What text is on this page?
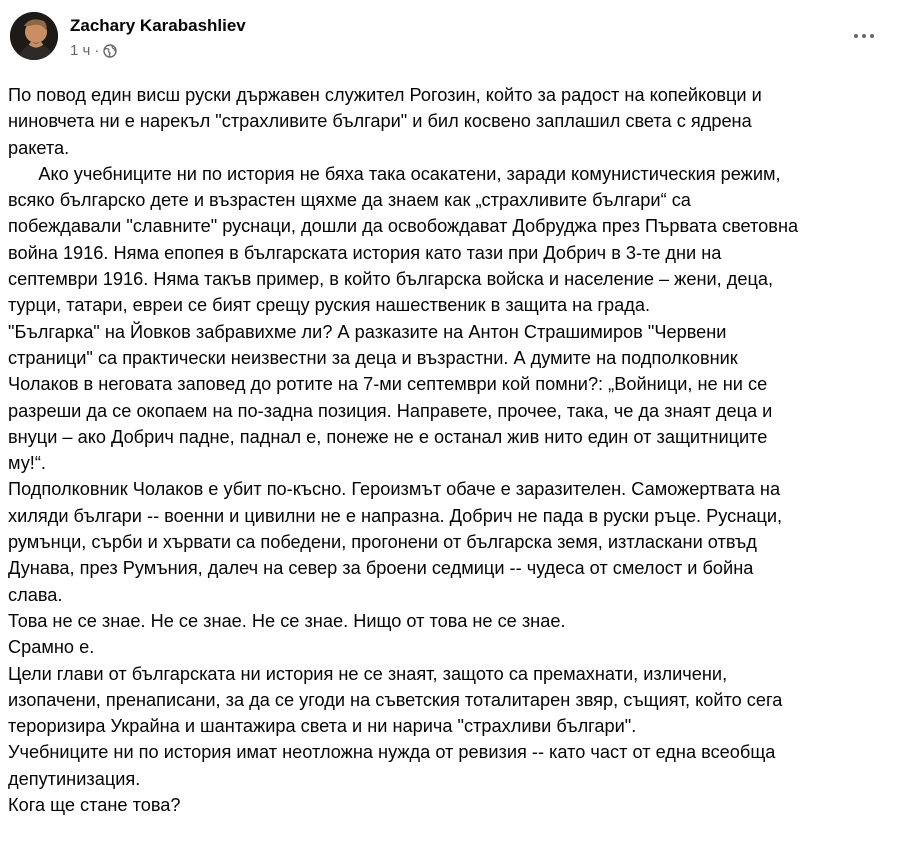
Zachary Karabashliev
1 ч ·

По повод един висш руски държавен служител Рогозин, който за радост на копейковци и
ниновчета ни е нарекъл "страхливите българи" и бил косвено заплашил света с ядрена
ракета.

Ако учебниците ни по история не бяха така осакатени, заради комунистическия режим,
всяко българско дете и възрастен щяхме да знаем как „страхливите българи“ са
побеждавали "славните" руснаци, дошли да освобождават Добруджа през Първата световна
война 1916. Няма епопея в българската история като тази при Добрич в 3-те дни на
септември 1916. Няма такъв пример, в който българска войска и население – жени, деца,
турци, татари, евреи се бият срещу руския нашественик в защита на града.

"Българка" на Йовков забравихме ли? А разказите на Антон Страшимиров "Червени
страници" са практически неизвестни за деца и възрастни. А думите на подполковник
Чолаков в неговата заповед до ротите на 7-ми септември кой помни?: „Войници, не ни се
разреши да се окопаем на по-задна позиция. Направете, прочее, така, че да знаят деца и
внуци – ако Добрич падне, паднал е, понеже не е останал жив нито един от защитниците
му!“.

Подполковник Чолаков е убит по-късно. Героизмът обаче е заразителен. Саможертвата на
хиляди българи -- военни и цивилни не е напразна. Добрич не пада в руски ръце. Руснаци,
румънци, сърби и хървати са победени, прогонени от българска земя, изтласкани отвъд
Дунава, през Румъния, далеч на север за броени седмици -- чудеса от смелост и бойна
слава.

Това не се знае. Не се знае. Не се знае. Нищо от това не се знае.

Срамно е.

Цели глави от българската ни история не се знаят, защото са премахнати, изличени,
изопачени, пренаписани, за да се угоди на съветския тоталитарен звяр, същият, който сега
тероризира Украйна и шантажира света и ни нарича "страхливи българи".

Учебниците ни по история имат неотложна нужда от ревизия -- като част от една всеобща
депутинизация.

Кога ще стане това?
